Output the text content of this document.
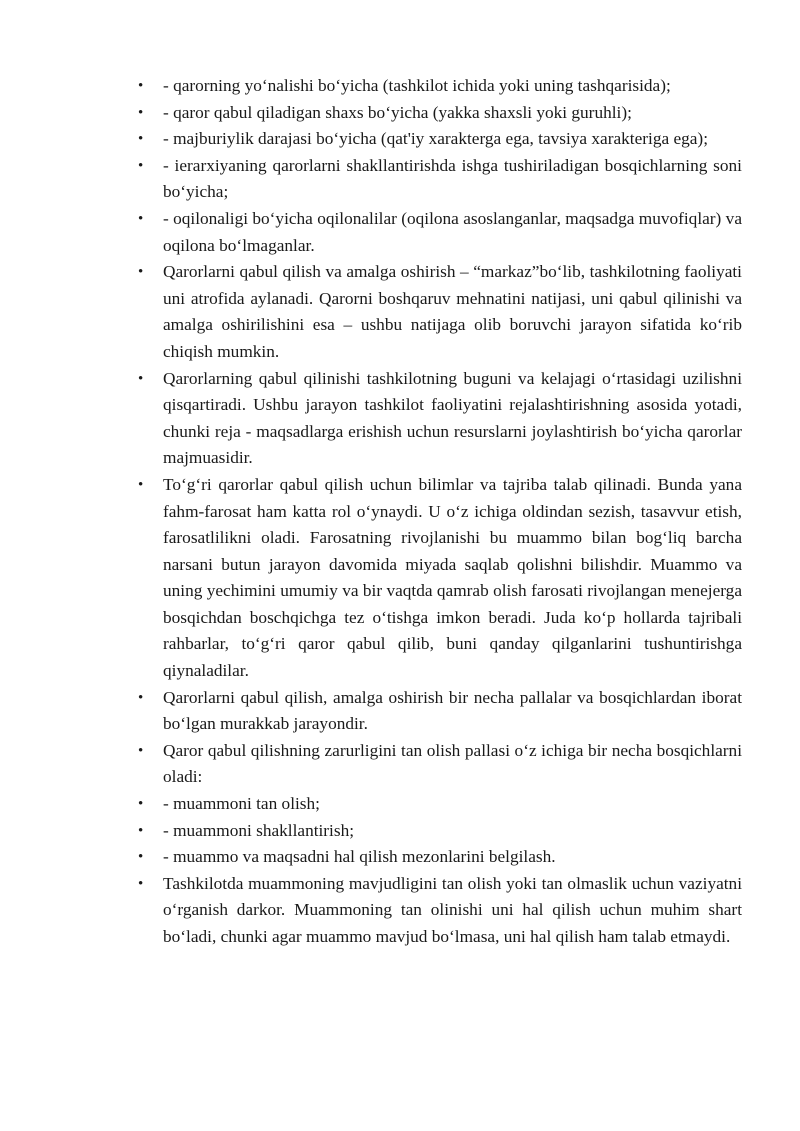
• - qarorning yo‘nalishi bo‘yicha (tashkilot ichida yoki uning tashqarisida);
• - qaror qabul qiladigan shaxs bo‘yicha (yakka shaxsli yoki guruhli);
• - majburiylik darajasi bo‘yicha (qat'iy xarakterga ega, tavsiya xarakteriga ega);
• - ierarxiyaning qarorlarni shakllantirishda ishga tushiriladigan bosqichlarning soni bo‘yicha;
• - oqilonaligi bo‘yicha oqilonalilar (oqilona asoslanganlar, maqsadga muvofiqlar) va oqilona bo‘lmaganlar.
• Qarorlarni qabul qilish va amalga oshirish – “markaz”bo‘lib, tashkilotning faoliyati uni atrofida aylanadi. Qarorni boshqaruv mehnatini natijasi, uni qabul qilinishi va amalga oshirilishini esa – ushbu natijaga olib boruvchi jarayon sifatida ko‘rib chiqish mumkin.
• Qarorlarning qabul qilinishi tashkilotning buguni va kelajagi o‘rtasidagi uzilishni qisqartiradi. Ushbu jarayon tashkilot faoliyatini rejalashtirishning asosida yotadi, chunki reja - maqsadlarga erishish uchun resurslarni joylashtirish bo‘yicha qarorlar majmuasidir.
• To‘g‘ri qarorlar qabul qilish uchun bilimlar va tajriba talab qilinadi. Bunda yana fahm-farosat ham katta rol o‘ynaydi. U o‘z ichiga oldindan sezish, tasavvur etish, farosatlilikni oladi. Farosatning rivojlanishi bu muammo bilan bog‘liq barcha narsani butun jarayon davomida miyada saqlab qolishni bilishdir. Muammo va uning yechimini umumiy va bir vaqtda qamrab olish farosati rivojlangan menejerga bosqichdan boschqichga tez o‘tishga imkon beradi. Juda ko‘p hollarda tajribali rahbarlar, to‘g‘ri qaror qabul qilib, buni qanday qilganlarini tushuntirishga qiynaladilar.
• Qarorlarni qabul qilish, amalga oshirish bir necha pallalar va bosqichlardan iborat bo‘lgan murakkab jarayondir.
• Qaror qabul qilishning zarurligini tan olish pallasi o‘z ichiga bir necha bosqichlarni oladi:
• - muammoni tan olish;
• - muammoni shakllantirish;
• - muammo va maqsadni hal qilish mezonlarini belgilash.
• Tashkilotda muammoning mavjudligini tan olish yoki tan olmaslik uchun vaziyatni o‘rganish darkor. Muammoning tan olinishi uni hal qilish uchun muhim shart bo‘ladi, chunki agar muammo mavjud bo‘lmasa, uni hal qilish ham talab etmaydi.
